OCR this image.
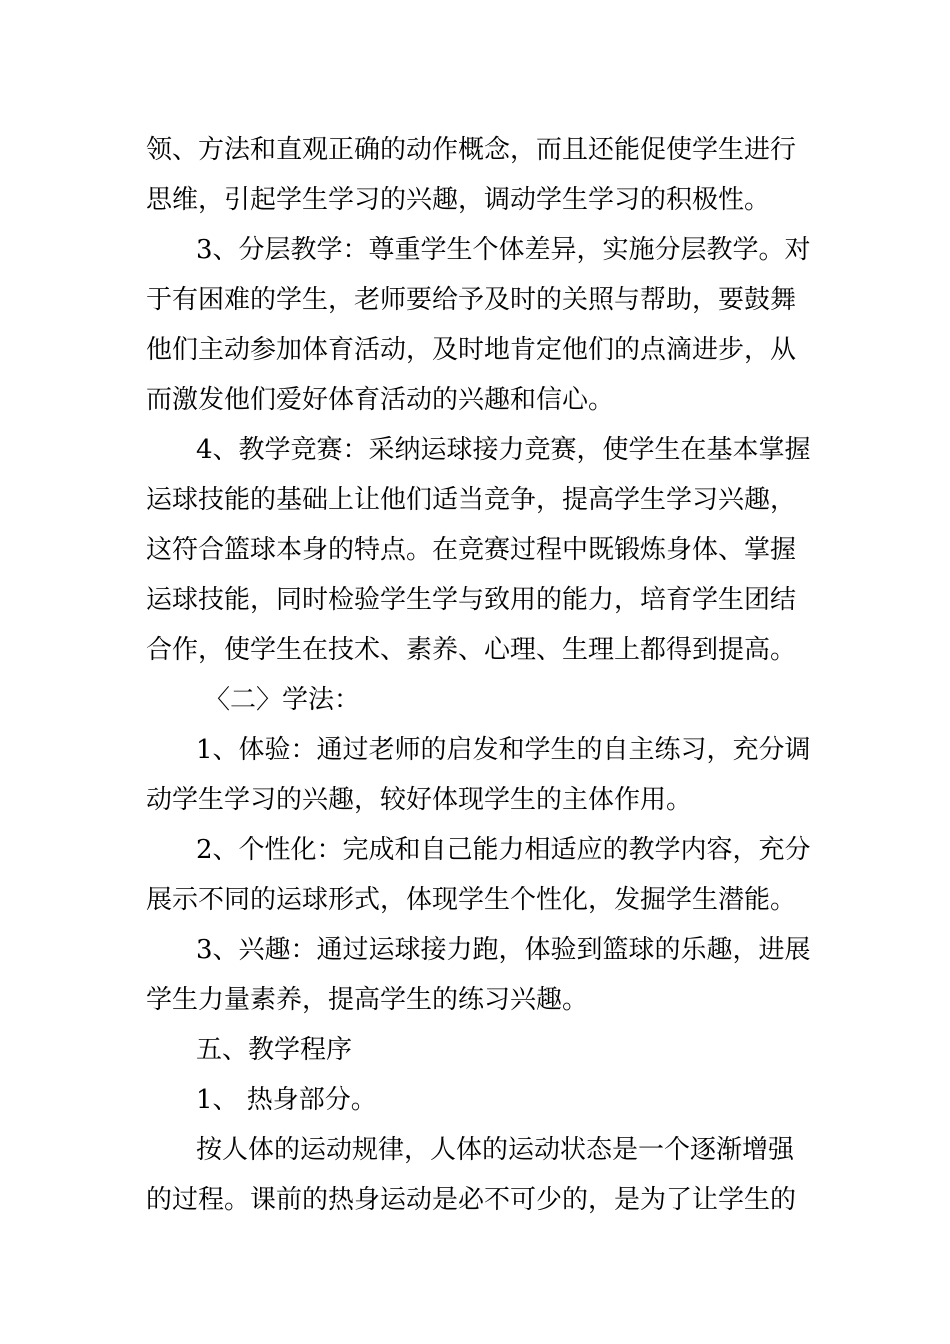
领、方法和直观正确的动作概念，而且还能促使学生进行
思维，引起学生学习的兴趣，调动学生学习的积极性。
3、分层教学：尊重学生个体差异，实施分层教学。对
于有困难的学生，老师要给予及时的关照与帮助，要鼓舞
他们主动参加体育活动，及时地肯定他们的点滴进步，从
而激发他们爱好体育活动的兴趣和信心。
4、教学竞赛：采纳运球接力竞赛，使学生在基本掌握
运球技能的基础上让他们适当竞争，提高学生学习兴趣，
这符合篮球本身的特点。在竞赛过程中既锻炼身体、掌握
运球技能，同时检验学生学与致用的能力，培育学生团结
合作，使学生在技术、素养、心理、生理上都得到提高。
〈二〉学法：
1、体验：通过老师的启发和学生的自主练习，充分调
动学生学习的兴趣，较好体现学生的主体作用。
2、个性化：完成和自己能力相适应的教学内容，充分
展示不同的运球形式，体现学生个性化，发掘学生潜能。
3、兴趣：通过运球接力跑，体验到篮球的乐趣，进展
学生力量素养，提高学生的练习兴趣。
五、教学程序
1、 热身部分。
按人体的运动规律，人体的运动状态是一个逐渐增强
的过程。课前的热身运动是必不可少的，是为了让学生的
